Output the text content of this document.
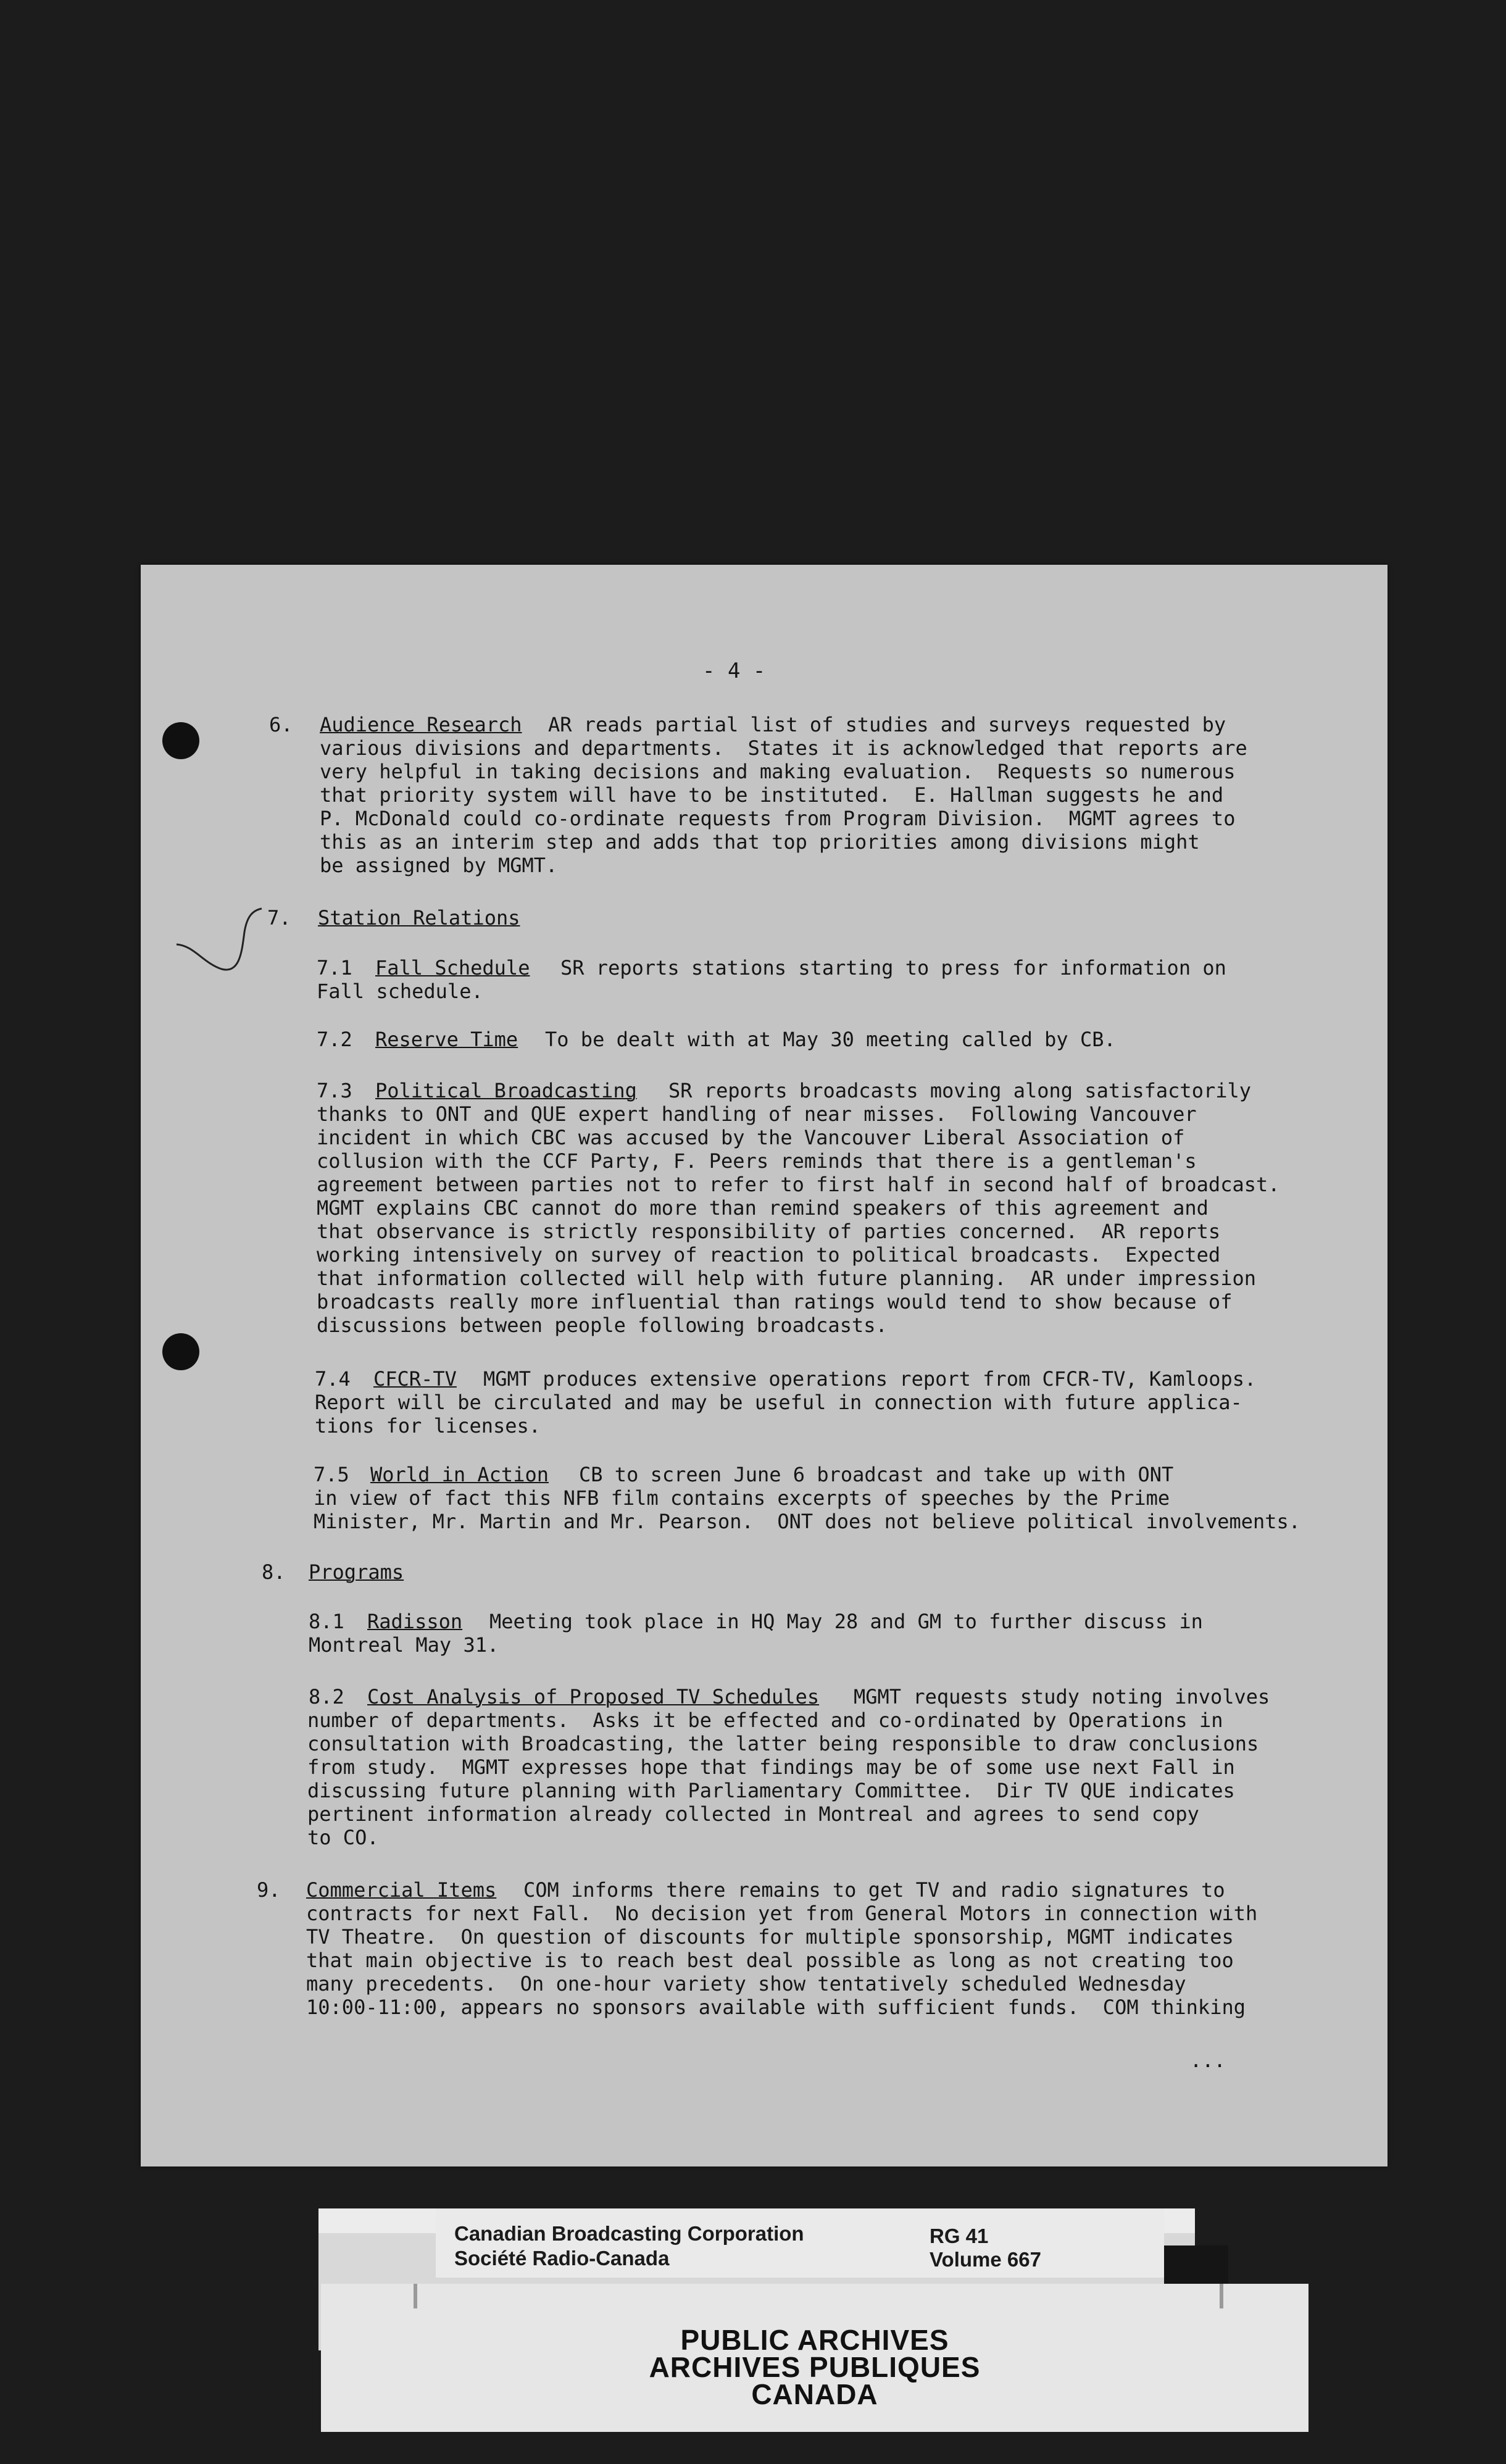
- 4 -
6. Audience Research AR reads partial list of studies and surveys requested by
various divisions and departments.  States it is acknowledged that reports are
very helpful in taking decisions and making evaluation.  Requests so numerous
that priority system will have to be instituted.  E. Hallman suggests he and
P. McDonald could co-ordinate requests from Program Division.  MGMT agrees to
this as an interim step and adds that top priorities among divisions might
be assigned by MGMT.
7. Station Relations
7.1 Fall Schedule SR reports stations starting to press for information on
Fall schedule.
7.2 Reserve Time To be dealt with at May 30 meeting called by CB.
7.3 Political Broadcasting SR reports broadcasts moving along satisfactorily
thanks to ONT and QUE expert handling of near misses.  Following Vancouver
incident in which CBC was accused by the Vancouver Liberal Association of
collusion with the CCF Party, F. Peers reminds that there is a gentleman's
agreement between parties not to refer to first half in second half of broadcast.
MGMT explains CBC cannot do more than remind speakers of this agreement and
that observance is strictly responsibility of parties concerned.  AR reports
working intensively on survey of reaction to political broadcasts.  Expected
that information collected will help with future planning.  AR under impression
broadcasts really more influential than ratings would tend to show because of
discussions between people following broadcasts.
7.4 CFCR-TV MGMT produces extensive operations report from CFCR-TV, Kamloops.
Report will be circulated and may be useful in connection with future applica-
tions for licenses.
7.5 World in Action CB to screen June 6 broadcast and take up with ONT
in view of fact this NFB film contains excerpts of speeches by the Prime
Minister, Mr. Martin and Mr. Pearson.  ONT does not believe political involvements.
8. Programs
8.1 Radisson Meeting took place in HQ May 28 and GM to further discuss in
Montreal May 31.
8.2 Cost Analysis of Proposed TV Schedules MGMT requests study noting involves
number of departments.  Asks it be effected and co-ordinated by Operations in
consultation with Broadcasting, the latter being responsible to draw conclusions
from study.  MGMT expresses hope that findings may be of some use next Fall in
discussing future planning with Parliamentary Committee.  Dir TV QUE indicates
pertinent information already collected in Montreal and agrees to send copy
to CO.
9. Commercial Items COM informs there remains to get TV and radio signatures to
contracts for next Fall.  No decision yet from General Motors in connection with
TV Theatre.  On question of discounts for multiple sponsorship, MGMT indicates
that main objective is to reach best deal possible as long as not creating too
many precedents.  On one-hour variety show tentatively scheduled Wednesday
10:00-11:00, appears no sponsors available with sufficient funds.  COM thinking
...
Canadian Broadcasting Corporation
Société Radio-Canada
RG 41
Volume 667
PUBLIC ARCHIVES
ARCHIVES PUBLIQUES
CANADA
